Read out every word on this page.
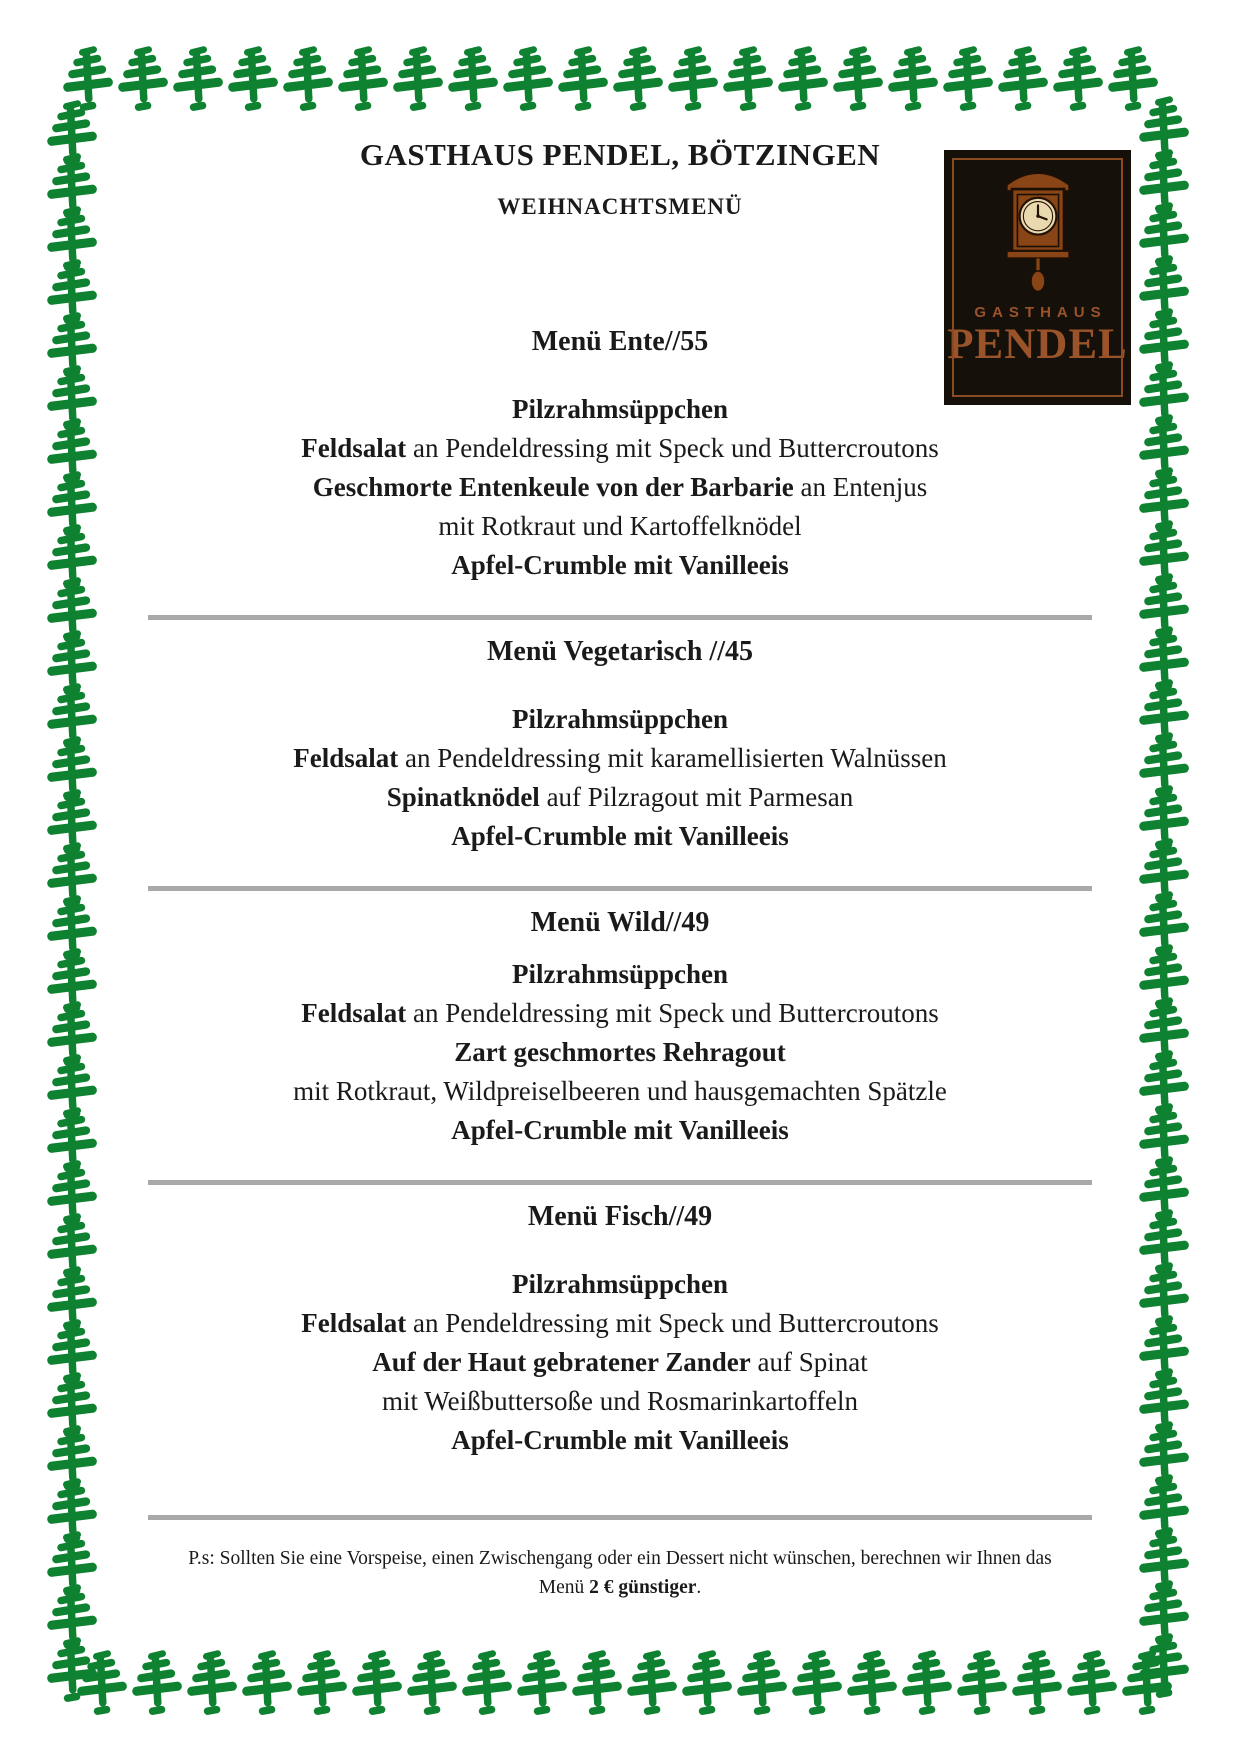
GASTHAUS PENDEL, BÖTZINGEN
WEIHNACHTSMENÜ
Menü Ente//55
Pilzrahmsüppchen
Feldsalat an Pendeldressing mit Speck und Buttercroutons
Geschmorte Entenkeule von der Barbarie an Entenjus
mit Rotkraut und Kartoffelknödel
Apfel-Crumble mit Vanilleeis
Menü Vegetarisch //45
Pilzrahmsüppchen
Feldsalat an Pendeldressing mit karamellisierten Walnüssen
Spinatknödel auf Pilzragout mit Parmesan
Apfel-Crumble mit Vanilleeis
Menü Wild//49
Pilzrahmsüppchen
Feldsalat an Pendeldressing mit Speck und Buttercroutons
Zart geschmortes Rehragout
mit Rotkraut, Wildpreiselbeeren und hausgemachten Spätzle
Apfel-Crumble mit Vanilleeis
Menü Fisch//49
Pilzrahmsüppchen
Feldsalat an Pendeldressing mit Speck und Buttercroutons
Auf der Haut gebratener Zander auf Spinat
mit Weißbuttersoße und Rosmarinkartoffeln
Apfel-Crumble mit Vanilleeis
P.s: Sollten Sie eine Vorspeise, einen Zwischengang oder ein Dessert nicht wünschen, berechnen wir Ihnen das
Menü 2 € günstiger.
GASTHAUS
PENDEL
